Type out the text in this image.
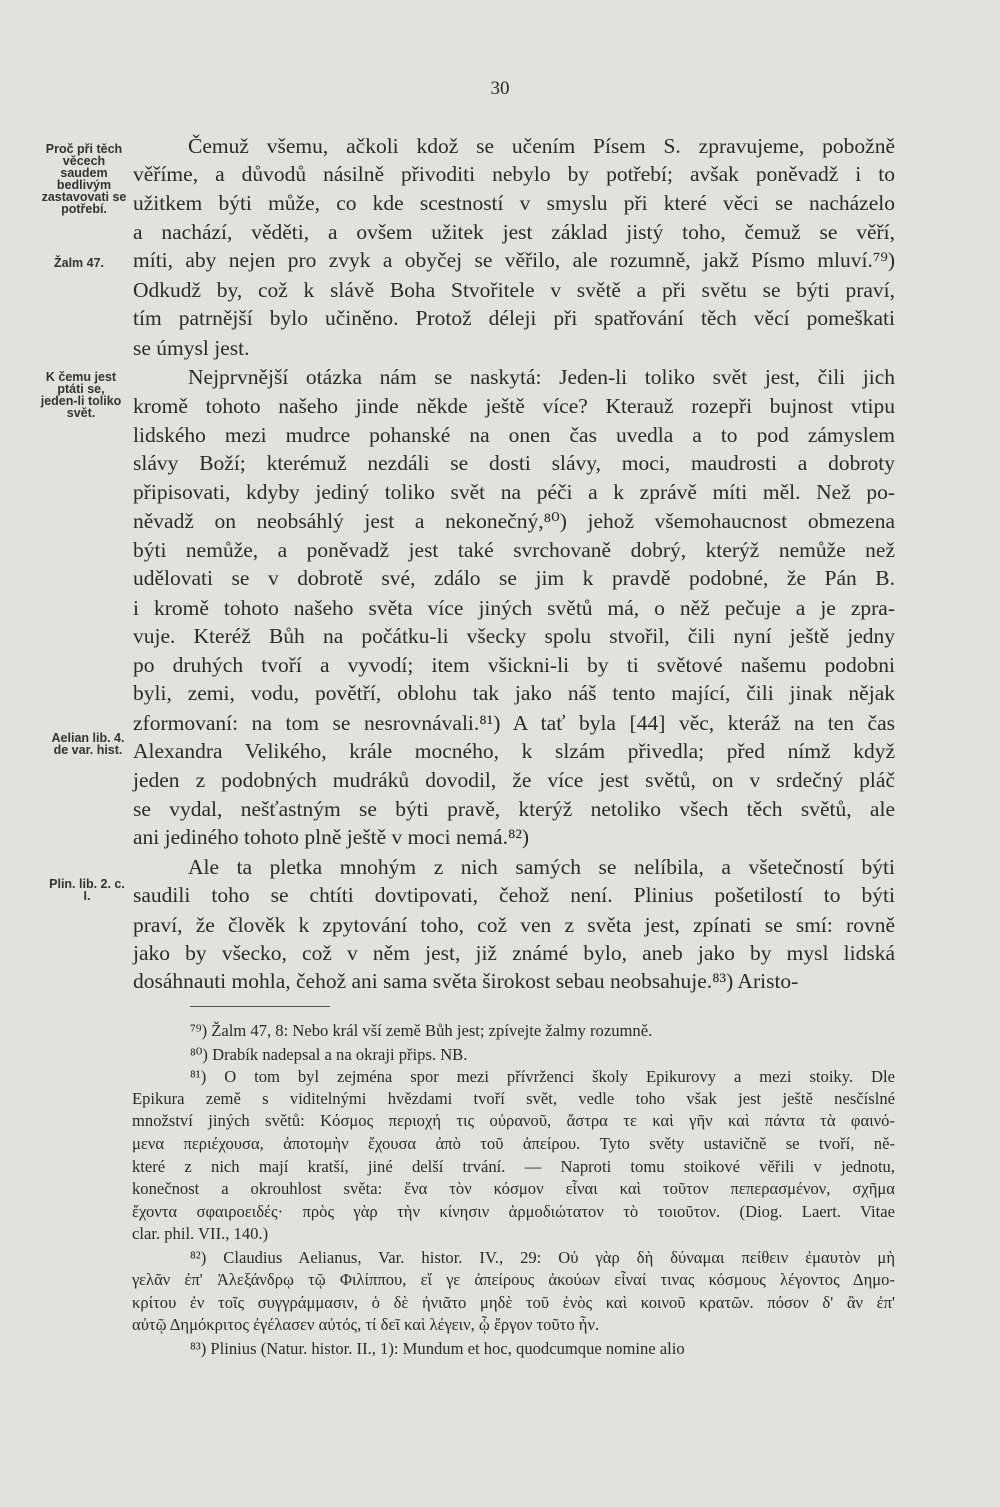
30
Proč při těch věcech saudem bedlivým zastavovati se potřebí.
Žalm 47.
K čemu jest ptáti se, jeden-li toliko svět.
Aelian lib. 4. de var. hist.
Plin. lib. 2. c. I.
Čemuž všemu, ačkoli kdož se učením Písem S. zpravujeme, pobožně
věříme, a důvodů násilně přivoditi nebylo by potřebí; avšak poněvadž i to
užitkem býti může, co kde scestností v smyslu při které věci se nacházelo
a nachází, věděti, a ovšem užitek jest základ jistý toho, čemuž se věří,
míti, aby nejen pro zvyk a obyčej se věřilo, ale rozumně, jakž Písmo mluví.⁷⁹)
Odkudž by, což k slávě Boha Stvořitele v světě a při světu se býti praví,
tím patrnější bylo učiněno. Protož déleji při spatřování těch věcí pomeškati
se úmysl jest.
Nejprvnější otázka nám se naskytá: Jeden-li toliko svět jest, čili jich
kromě tohoto našeho jinde někde ještě více? Kterauž rozepři bujnost vtipu
lidského mezi mudrce pohanské na onen čas uvedla a to pod zámyslem
slávy Boží; kterémuž nezdáli se dosti slávy, moci, maudrosti a dobroty
připisovati, kdyby jediný toliko svět na péči a k zprávě míti měl. Než po-
něvadž on neobsáhlý jest a nekonečný,⁸⁰) jehož všemohaucnost obmezena
býti nemůže, a poněvadž jest také svrchovaně dobrý, kterýž nemůže než
udělovati se v dobrotě své, zdálo se jim k pravdě podobné, že Pán B.
i kromě tohoto našeho světa více jiných světů má, o něž pečuje a je zpra-
vuje. Kteréž Bůh na počátku-li všecky spolu stvořil, čili nyní ještě jedny
po druhých tvoří a vyvodí; item všickni-li by ti světové našemu podobni
byli, zemi, vodu, povětří, oblohu tak jako náš tento mající, čili jinak nějak
zformovaní: na tom se nesrovnávali.⁸¹) A tať byla [44] věc, kteráž na ten čas
Alexandra Velikého, krále mocného, k slzám přivedla; před nímž když
jeden z podobných mudráků dovodil, že více jest světů, on v srdečný pláč
se vydal, nešťastným se býti pravě, kterýž netoliko všech těch světů, ale
ani jediného tohoto plně ještě v moci nemá.⁸²)
Ale ta pletka mnohým z nich samých se nelíbila, a všetečností býti
saudili toho se chtíti dovtipovati, čehož není. Plinius pošetilostí to býti
praví, že člověk k zpytování toho, což ven z světa jest, zpínati se smí: rovně
jako by všecko, což v něm jest, již známé bylo, aneb jako by mysl lidská
dosáhnauti mohla, čehož ani sama světa širokost sebau neobsahuje.⁸³) Aristo-
⁷⁹) Žalm 47, 8: Nebo král vší země Bůh jest; zpívejte žalmy rozumně.
⁸⁰) Drabík nadepsal a na okraji přips. NB.
⁸¹) O tom byl zejména spor mezi přívrženci školy Epikurovy a mezi stoiky. Dle
Epikura země s viditelnými hvězdami tvoří svět, vedle toho však jest ještě nesčíslné
množství jiných světů: Κόσμος περιοχή τις οὐρανοῦ, ἄστρα τε καὶ γῆν καὶ πάντα τὰ φαινό-
μενα περιέχουσα, ἀποτομὴν ἔχουσα ἀπὸ τοῦ ἀπείρου. Tyto světy ustavičně se tvoří, ně-
které z nich mají kratší, jiné delší trvání. — Naproti tomu stoikové věřili v jednotu,
konečnost a okrouhlost světa: ἕνα τὸν κόσμον εἶναι καὶ τοῦτον πεπερασμένον, σχῆμα
ἔχοντα σφαιροειδές· πρὸς γὰρ τὴν κίνησιν ἁρμοδιώτατον τὸ τοιοῦτον. (Diog. Laert. Vitae
clar. phil. VII., 140.)
⁸²) Claudius Aelianus, Var. histor. IV., 29: Οὐ γὰρ δὴ δύναμαι πείθειν ἐμαυτὸν μὴ
γελᾶν ἐπ' Ἀλεξάνδρῳ τῷ Φιλίππου, εἴ γε ἀπείρους ἀκούων εἶναί τινας κόσμους λέγοντος Δημο-
κρίτου ἐν τοῖς συγγράμμασιν, ὁ δὲ ἠνιᾶτο μηδὲ τοῦ ἑνὸς καὶ κοινοῦ κρατῶν. πόσον δ' ἂν ἐπ'
αὐτῷ Δημόκριτος ἐγέλασεν αὐτός, τί δεῖ καὶ λέγειν, ᾧ ἔργον τοῦτο ἦν.
⁸³) Plinius (Natur. histor. II., 1): Mundum et hoc, quodcumque nomine alio
